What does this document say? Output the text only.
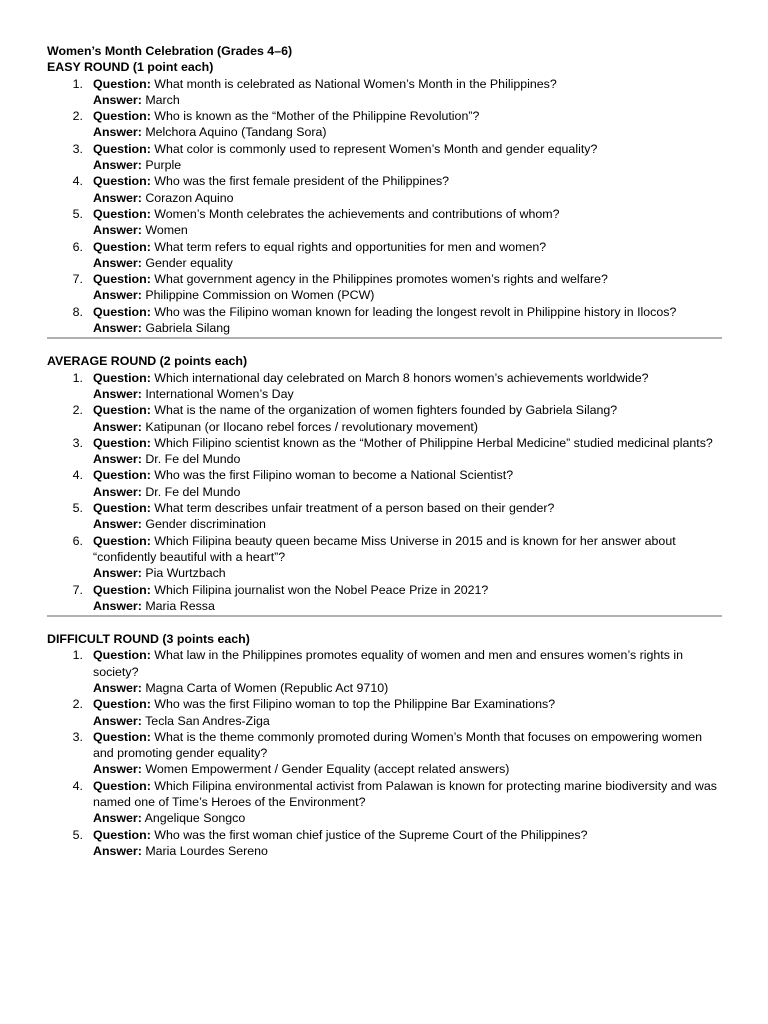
Women’s Month Celebration (Grades 4–6)
EASY ROUND (1 point each)
1. Question: What month is celebrated as National Women’s Month in the Philippines?
Answer: March
2. Question: Who is known as the “Mother of the Philippine Revolution”?
Answer: Melchora Aquino (Tandang Sora)
3. Question: What color is commonly used to represent Women’s Month and gender equality?
Answer: Purple
4. Question: Who was the first female president of the Philippines?
Answer: Corazon Aquino
5. Question: Women’s Month celebrates the achievements and contributions of whom?
Answer: Women
6. Question: What term refers to equal rights and opportunities for men and women?
Answer: Gender equality
7. Question: What government agency in the Philippines promotes women’s rights and welfare?
Answer: Philippine Commission on Women (PCW)
8. Question: Who was the Filipino woman known for leading the longest revolt in Philippine history in Ilocos?
Answer: Gabriela Silang
AVERAGE ROUND (2 points each)
1. Question: Which international day celebrated on March 8 honors women’s achievements worldwide?
Answer: International Women’s Day
2. Question: What is the name of the organization of women fighters founded by Gabriela Silang?
Answer: Katipunan (or Ilocano rebel forces / revolutionary movement)
3. Question: Which Filipino scientist known as the “Mother of Philippine Herbal Medicine” studied medicinal plants?
Answer: Dr. Fe del Mundo
4. Question: Who was the first Filipino woman to become a National Scientist?
Answer: Dr. Fe del Mundo
5. Question: What term describes unfair treatment of a person based on their gender?
Answer: Gender discrimination
6. Question: Which Filipina beauty queen became Miss Universe in 2015 and is known for her answer about “confidently beautiful with a heart”?
Answer: Pia Wurtzbach
7. Question: Which Filipina journalist won the Nobel Peace Prize in 2021?
Answer: Maria Ressa
DIFFICULT ROUND (3 points each)
1. Question: What law in the Philippines promotes equality of women and men and ensures women’s rights in society?
Answer: Magna Carta of Women (Republic Act 9710)
2. Question: Who was the first Filipino woman to top the Philippine Bar Examinations?
Answer: Tecla San Andres-Ziga
3. Question: What is the theme commonly promoted during Women’s Month that focuses on empowering women and promoting gender equality?
Answer: Women Empowerment / Gender Equality (accept related answers)
4. Question: Which Filipina environmental activist from Palawan is known for protecting marine biodiversity and was named one of Time’s Heroes of the Environment?
Answer: Angelique Songco
5. Question: Who was the first woman chief justice of the Supreme Court of the Philippines?
Answer: Maria Lourdes Sereno
